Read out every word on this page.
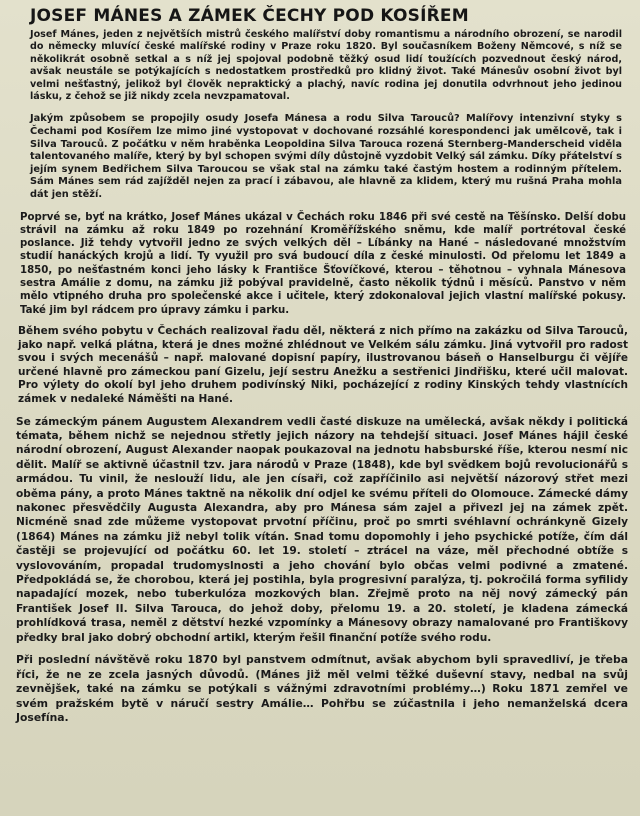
JOSEF MÁNES A ZÁMEK ČECHY POD KOSÍŘEM

Josef Mánes, jeden z největších mistrů českého malířství doby romantismu a národního obrození, se narodil do německy mluvící české malířské rodiny v Praze roku 1820. Byl současníkem Boženy Němcové, s níž se několikrát osobně setkal a s níž jej spojoval podobně těžký osud lidí toužících pozvednout český národ, avšak neustále se potýkajících s nedostatkem prostředků pro klidný život. Také Mánesův osobní život byl velmi nešťastný, jelikož byl člověk nepraktický a plachý, navíc rodina jej donutila odvrhnout jeho jedinou lásku, z čehož se již nikdy zcela nevzpamatoval.

Jakým způsobem se propojily osudy Josefa Mánesa a rodu Silva Tarouců? Malířovy intenzivní styky s Čechami pod Kosířem lze mimo jiné vystopovat v dochované rozsáhlé korespondenci jak umělcově, tak i Silva Tarouců. Z počátku v něm hraběnka Leopoldina Silva Tarouca rozená Sternberg-Manderscheid viděla talentovaného malíře, který by byl schopen svými díly důstojně vyzdobit Velký sál zámku. Díky přátelství s jejím synem Bedřichem Silva Taroucou se však stal na zámku také častým hostem a rodinným přítelem. Sám Mánes sem rád zajížděl nejen za prací i zábavou, ale hlavně za klidem, který mu rušná Praha mohla dát jen stěží.

Poprvé se, byť na krátko, Josef Mánes ukázal v Čechách roku 1846 při své cestě na Těšínsko. Delší dobu strávil na zámku až roku 1849 po rozehnání Kroměřížského sněmu, kde malíř portrétoval české poslance. Již tehdy vytvořil jedno ze svých velkých děl – Líbánky na Hané – následované množstvím studií hanáckých krojů a lidí. Ty využil pro svá budoucí díla z české minulosti. Od přelomu let 1849 a 1850, po nešťastném konci jeho lásky k Františce Šťovíčkové, kterou – těhotnou – vyhnala Mánesova sestra Amálie z domu, na zámku již pobýval pravidelně, často několik týdnů i měsíců. Panstvo v něm mělo vtipného druha pro společenské akce i učitele, který zdokonaloval jejich vlastní malířské pokusy. Také jim byl rádcem pro úpravy zámku i parku.

Během svého pobytu v Čechách realizoval řadu děl, některá z nich přímo na zakázku od Silva Tarouců, jako např. velká plátna, která je dnes možné zhlédnout ve Velkém sálu zámku. Jiná vytvořil pro radost svou i svých mecenášů – např. malované dopisní papíry, ilustrovanou báseň o Hanselburgu či vějíře určené hlavně pro zámeckou paní Gizelu, její sestru Anežku a sestřenici Jindřišku, které učil malovat. Pro výlety do okolí byl jeho druhem podivínský Niki, pocházející z rodiny Kinských tehdy vlastnících zámek v nedaleké Náměšti na Hané.

Se zámeckým pánem Augustem Alexandrem vedli časté diskuze na umělecká, avšak někdy i politická témata, během nichž se nejednou střetly jejich názory na tehdejší situaci. Josef Mánes hájil české národní obrození, August Alexander naopak poukazoval na jednotu habsburské říše, kterou nesmí nic dělit. Malíř se aktivně účastnil tzv. jara národů v Praze (1848), kde byl svědkem bojů revolucionářů s armádou. Tu vinil, že neslouží lidu, ale jen císaři, což zapříčinilo asi největší názorový střet mezi oběma pány, a proto Mánes taktně na několik dní odjel ke svému příteli do Olomouce. Zámecké dámy nakonec přesvědčily Augusta Alexandra, aby pro Mánesa sám zajel a přivezl jej na zámek zpět. Nicméně snad zde můžeme vystopovat prvotní příčinu, proč po smrti svéhlavní ochránkyně Gizely (1864) Mánes na zámku již nebyl tolik vítán. Snad tomu dopomohly i jeho psychické potíže, čím dál častěji se projevující od počátku 60. let 19. století – ztrácel na váze, měl přechodné obtíže s vyslovováním, propadal trudomyslnosti a jeho chování bylo občas velmi podivné a zmatené. Předpokládá se, že chorobou, která jej postihla, byla progresivní paralýza, tj. pokročilá forma syfilidy napadající mozek, nebo tuberkulóza mozkových blan. Zřejmě proto na něj nový zámecký pán František Josef II. Silva Tarouca, do jehož doby, přelomu 19. a 20. století, je kladena zámecká prohlídková trasa, neměl z dětství hezké vzpomínky a Mánesovy obrazy namalované pro Františkovy předky bral jako dobrý obchodní artikl, kterým řešil finanční potíže svého rodu.

Při poslední návštěvě roku 1870 byl panstvem odmítnut, avšak abychom byli spravedliví, je třeba říci, že ne ze zcela jasných důvodů. (Mánes již měl velmi těžké duševní stavy, nedbal na svůj zevnějšek, také na zámku se potýkali s vážnými zdravotními problémy…) Roku 1871 zemřel ve svém pražském bytě v náručí sestry Amálie… Pohřbu se zúčastnila i jeho nemanželská dcera Josefína.
